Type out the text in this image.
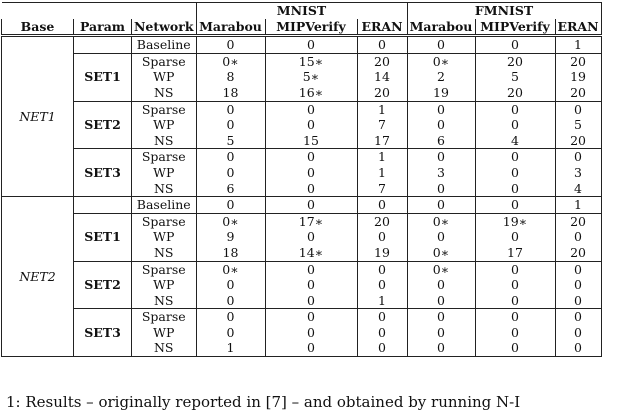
			MNIST			FMNIST		
Base	Param	Network	Marabou	MIPVerify	ERAN	Marabou	MIPVerify	ERAN
NET1		Baseline	0	0	0	0	0	1
	SET1	Sparse	0∗	15∗	20	0∗	20	20
		WP	8	5∗	14	2	5	19
		NS	18	16∗	20	19	20	20
	SET2	Sparse	0	0	1	0	0	0
		WP	0	0	7	0	0	5
		NS	5	15	17	6	4	20
	SET3	Sparse	0	0	1	0	0	0
		WP	0	0	1	3	0	3
		NS	6	0	7	0	0	4
NET2		Baseline	0	0	0	0	0	1
	SET1	Sparse	0∗	17∗	20	0∗	19∗	20
		WP	9	0	0	0	0	0
		NS	18	14∗	19	0∗	17	20
	SET2	Sparse	0∗	0	0	0∗	0	0
		WP	0	0	0	0	0	0
		NS	0	0	1	0	0	0
	SET3	Sparse	0	0	0	0	0	0
		WP	0	0	0	0	0	0
		NS	1	0	0	0	0	0
1: Results – originally reported in [7] – and obtained by running N-I
